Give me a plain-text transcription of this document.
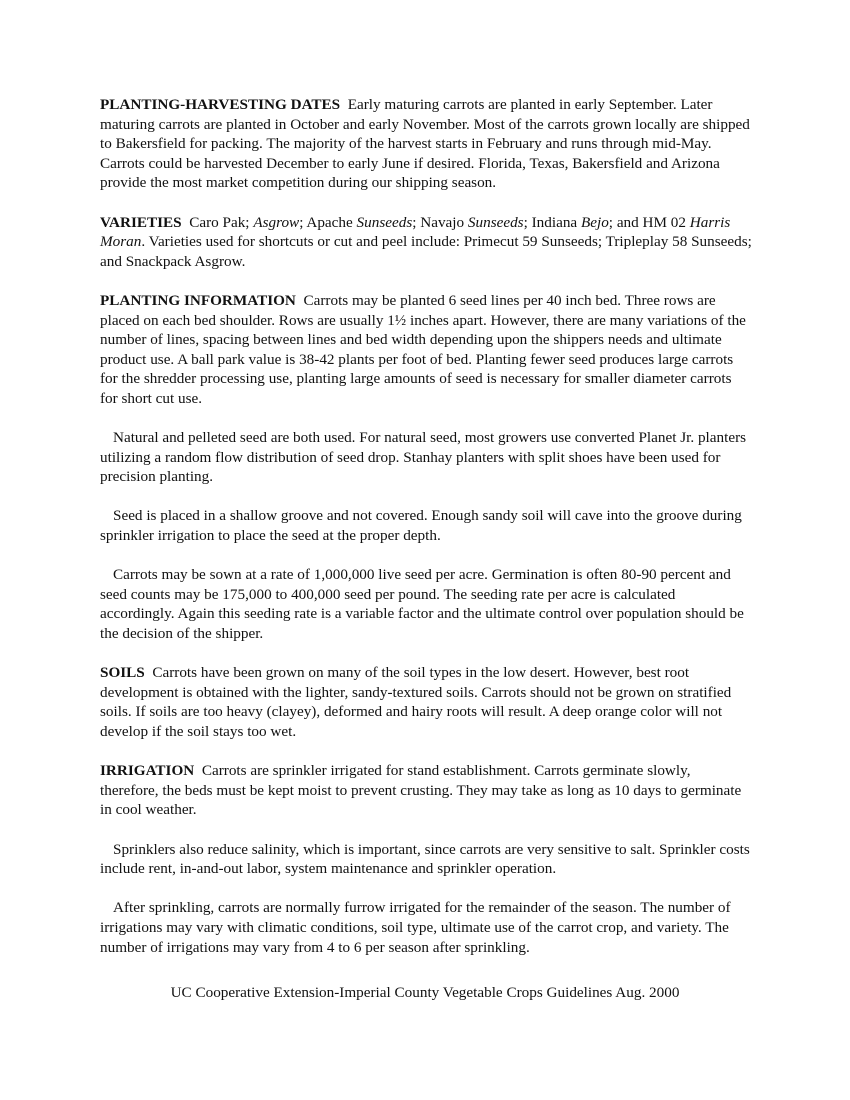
PLANTING-HARVESTING DATES Early maturing carrots are planted in early September. Later maturing carrots are planted in October and early November. Most of the carrots grown locally are shipped to Bakersfield for packing. The majority of the harvest starts in February and runs through mid-May. Carrots could be harvested December to early June if desired. Florida, Texas, Bakersfield and Arizona provide the most market competition during our shipping season.

VARIETIES Caro Pak; Asgrow; Apache Sunseeds; Navajo Sunseeds; Indiana Bejo; and HM 02 Harris Moran. Varieties used for shortcuts or cut and peel include: Primecut 59 Sunseeds; Tripleplay 58 Sunseeds; and Snackpack Asgrow.

PLANTING INFORMATION Carrots may be planted 6 seed lines per 40 inch bed. Three rows are placed on each bed shoulder. Rows are usually 1½ inches apart. However, there are many variations of the number of lines, spacing between lines and bed width depending upon the shippers needs and ultimate product use. A ball park value is 38-42 plants per foot of bed. Planting fewer seed produces large carrots for the shredder processing use, planting large amounts of seed is necessary for smaller diameter carrots for short cut use.

Natural and pelleted seed are both used. For natural seed, most growers use converted Planet Jr. planters utilizing a random flow distribution of seed drop. Stanhay planters with split shoes have been used for precision planting.

Seed is placed in a shallow groove and not covered. Enough sandy soil will cave into the groove during sprinkler irrigation to place the seed at the proper depth.

Carrots may be sown at a rate of 1,000,000 live seed per acre. Germination is often 80-90 percent and seed counts may be 175,000 to 400,000 seed per pound. The seeding rate per acre is calculated accordingly. Again this seeding rate is a variable factor and the ultimate control over population should be the decision of the shipper.

SOILS Carrots have been grown on many of the soil types in the low desert. However, best root development is obtained with the lighter, sandy-textured soils. Carrots should not be grown on stratified soils. If soils are too heavy (clayey), deformed and hairy roots will result. A deep orange color will not develop if the soil stays too wet.

IRRIGATION Carrots are sprinkler irrigated for stand establishment. Carrots germinate slowly, therefore, the beds must be kept moist to prevent crusting. They may take as long as 10 days to germinate in cool weather.

Sprinklers also reduce salinity, which is important, since carrots are very sensitive to salt. Sprinkler costs include rent, in-and-out labor, system maintenance and sprinkler operation.

After sprinkling, carrots are normally furrow irrigated for the remainder of the season. The number of irrigations may vary with climatic conditions, soil type, ultimate use of the carrot crop, and variety. The number of irrigations may vary from 4 to 6 per season after sprinkling.

UC Cooperative Extension-Imperial County Vegetable Crops Guidelines Aug. 2000
